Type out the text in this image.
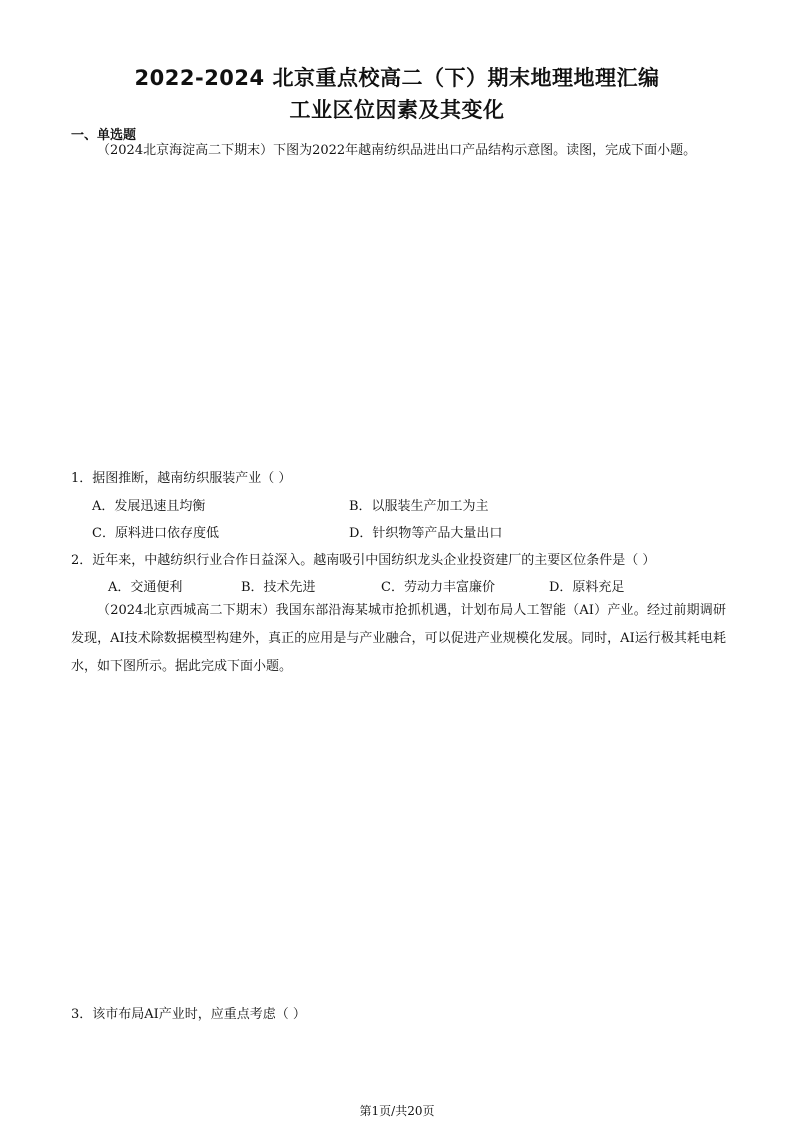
2022-2024 北京重点校高二（下）期末地理地理汇编
工业区位因素及其变化
一、单选题
（2024北京海淀高二下期末）下图为2022年越南纺织品进出口产品结构示意图。读图，完成下面小题。
1．据图推断，越南纺织服装产业（ ）
A．发展迅速且均衡	B．以服装生产加工为主
C．原料进口依存度低	D．针织物等产品大量出口
2．近年来，中越纺织行业合作日益深入。越南吸引中国纺织龙头企业投资建厂的主要区位条件是（ ）
A．交通便利	B．技术先进	C．劳动力丰富廉价	D．原料充足
（2024北京西城高二下期末）我国东部沿海某城市抢抓机遇，计划布局人工智能（AI）产业。经过前期调研发现，AI技术除数据模型构建外，真正的应用是与产业融合，可以促进产业规模化发展。同时，AI运行极其耗电耗水，如下图所示。据此完成下面小题。
3．该市布局AI产业时，应重点考虑（ ）
第1页/共20页
